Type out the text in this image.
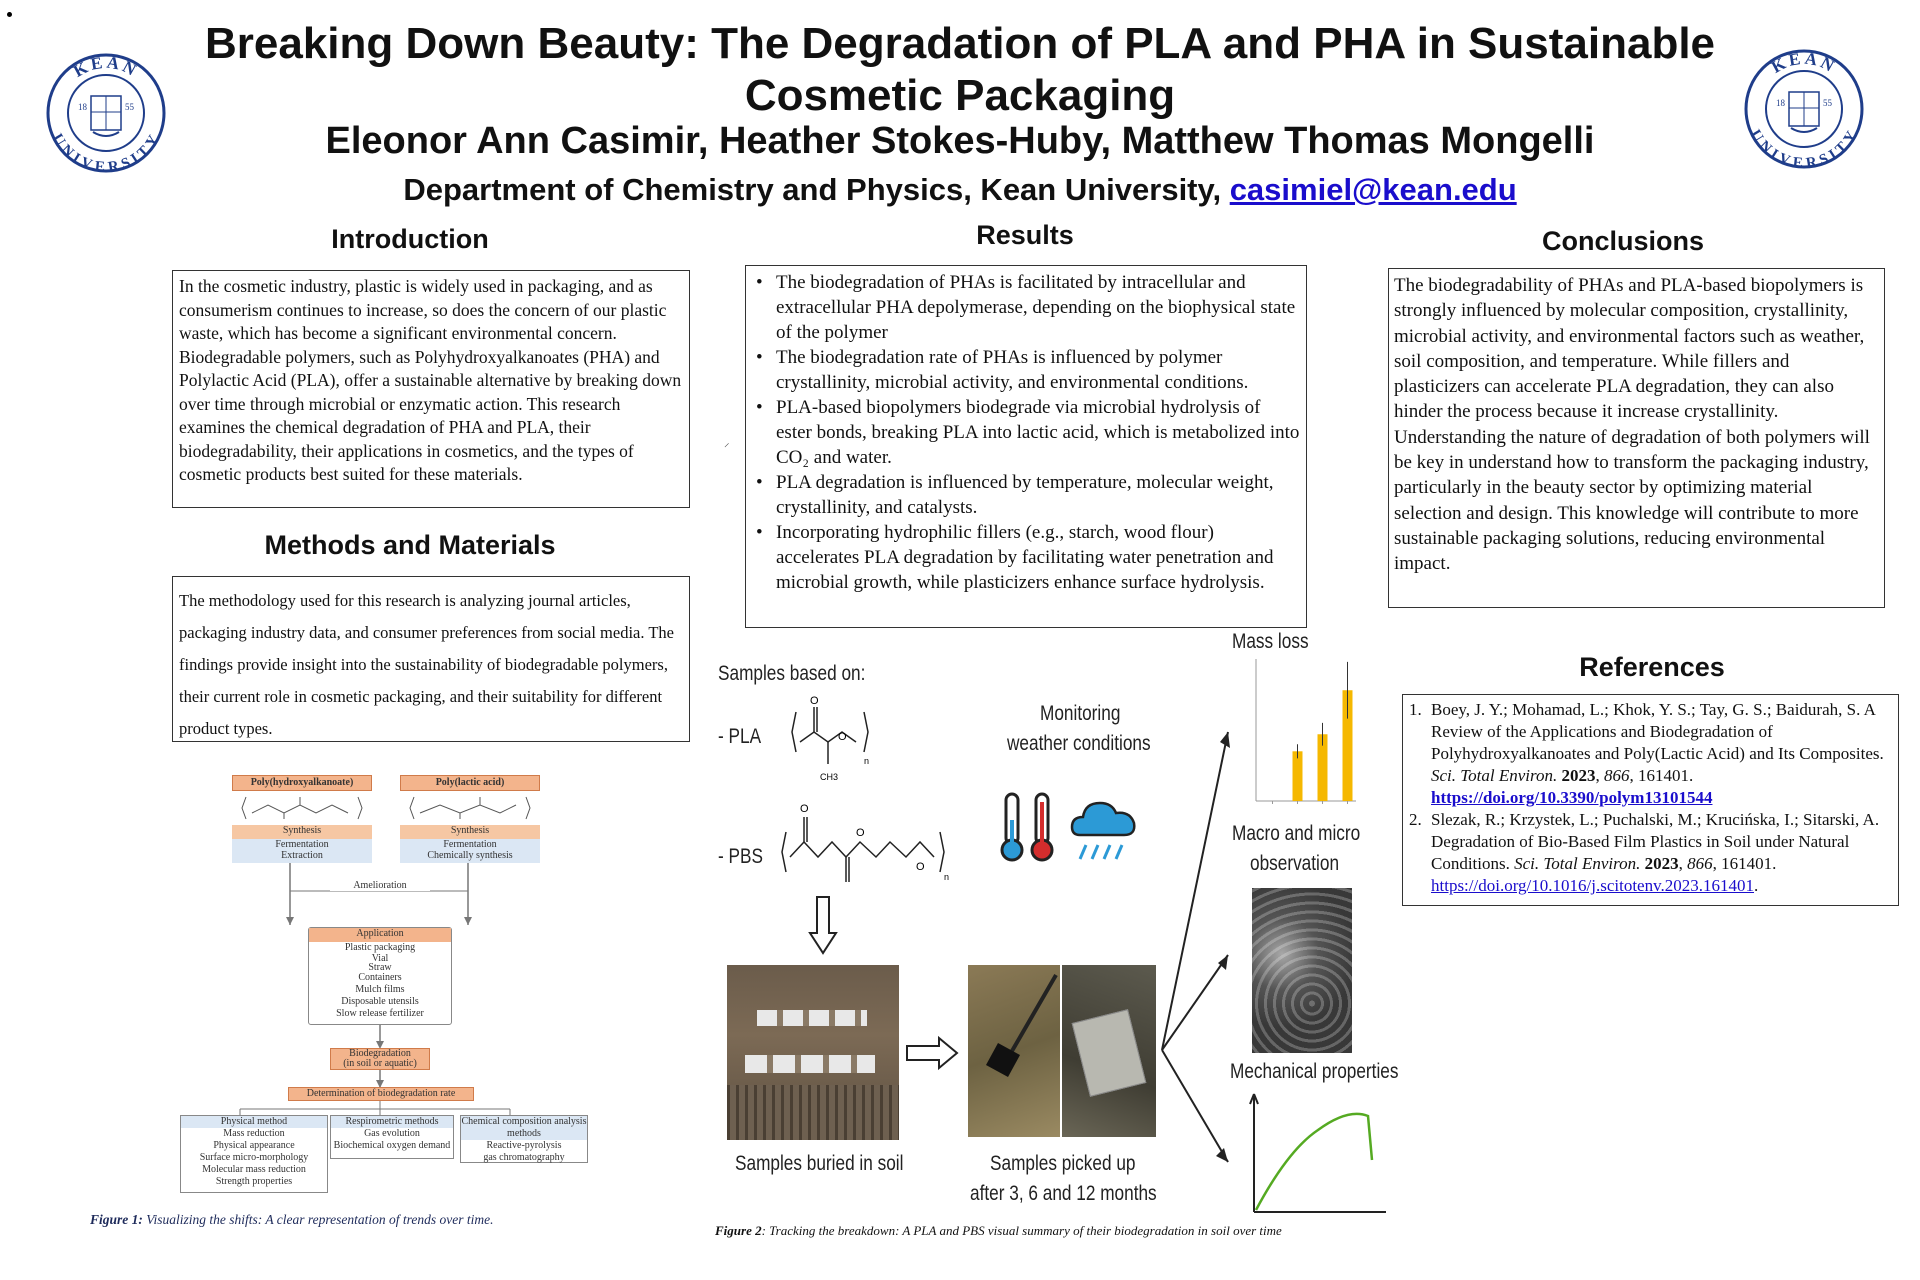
KEAN
UNIVERSITY
18	55
KEAN
UNIVERSITY
18	55
Breaking Down Beauty: The Degradation of PLA and PHA in Sustainable
Cosmetic Packaging
Eleonor Ann Casimir, Heather Stokes-Huby, Matthew Thomas Mongelli
Department of Chemistry and Physics, Kean University, casimiel@kean.edu
Introduction

In the cosmetic industry, plastic is widely used in packaging, and as consumerism continues to increase, so does the concern of our plastic waste, which has become a significant environmental concern. Biodegradable polymers, such as Polyhydroxyalkanoates (PHA) and Polylactic Acid (PLA), offer a sustainable alternative by breaking down over time through microbial or enzymatic action. This research examines the chemical degradation of PHA and PLA, their biodegradability, their applications in cosmetics, and the types of cosmetic products best suited for these materials.

Methods and Materials

The methodology used for this research is analyzing journal articles, packaging industry data, and consumer preferences from social media. The findings provide insight into the sustainability of biodegradable polymers, their current role in cosmetic packaging, and their suitability for different product types.

Results
• The biodegradation of PHAs is facilitated by intracellular and extracellular PHA depolymerase, depending on the biophysical state of the polymer
• The biodegradation rate of PHAs is influenced by polymer crystallinity, microbial activity, and environmental conditions.
• PLA-based biopolymers biodegrade via microbial hydrolysis of ester bonds, breaking PLA into lactic acid, which is metabolized into CO₂ and water.
• PLA degradation is influenced by temperature, molecular weight, crystallinity, and catalysts.
• Incorporating hydrophilic fillers (e.g., starch, wood flour) accelerates PLA degradation by facilitating water penetration and microbial growth, while plasticizers enhance surface hydrolysis.
Conclusions

The biodegradability of PHAs and PLA-based biopolymers is strongly influenced by molecular composition, crystallinity, microbial activity, and environmental factors such as weather, soil composition, and temperature. While fillers and plasticizers can accelerate PLA degradation, they can also hinder the process because it increase crystallinity. Understanding the nature of degradation of both polymers will be key in understand how to transform the packaging industry, particularly in the beauty sector by optimizing material selection and design. This knowledge will contribute to more sustainable packaging solutions, reducing environmental impact.

References
1. Boey, J. Y.; Mohamad, L.; Khok, Y. S.; Tay, G. S.; Baidurah, S. A Review of the Applications and Biodegradation of Polyhydroxyalkanoates and Poly(Lactic Acid) and Its Composites. Sci. Total Environ. 2023, 866, 161401. https://doi.org/10.3390/polym13101544
2. Slezak, R.; Krzystek, L.; Puchalski, M.; Krucińska, I.; Sitarski, A. Degradation of Bio-Based Film Plastics in Soil under Natural Conditions. Sci. Total Environ. 2023, 866, 161401. https://doi.org/10.1016/j.scitotenv.2023.161401.
Poly(hydroxyalkanoate)
Synthesis
Fermentation
Extraction
Poly(lactic acid)
Synthesis
Fermentation
Chemically synthesis
Amelioration
Application
Plastic packaging
Vial
Straw
Containers
Mulch films
Disposable utensils
Slow release fertilizer
Biodegradation
(in soil or aquatic)
Determination of biodegradation rate
Physical method
Mass reduction
Physical appearance
Surface micro-morphology
Molecular mass reduction
Strength properties
Respirometric methods
Gas evolution
Biochemical oxygen demand
Chemical composition analysis methods
Reactive-pyrolysis
gas chromatography
Figure 1: Visualizing the shifts: A clear representation of trends over time.
Samples based on:
- PLA
- PBS
O
O
CH3
n
O
O
O
n
Monitoring
weather conditions
Samples buried in soil	Samples picked up
after 3, 6 and 12 months
Mass loss
Macro and micro
observation
Mechanical properties
Figure 2: Tracking the breakdown: A PLA and PBS visual summary of their biodegradation in soil over time
⸍
